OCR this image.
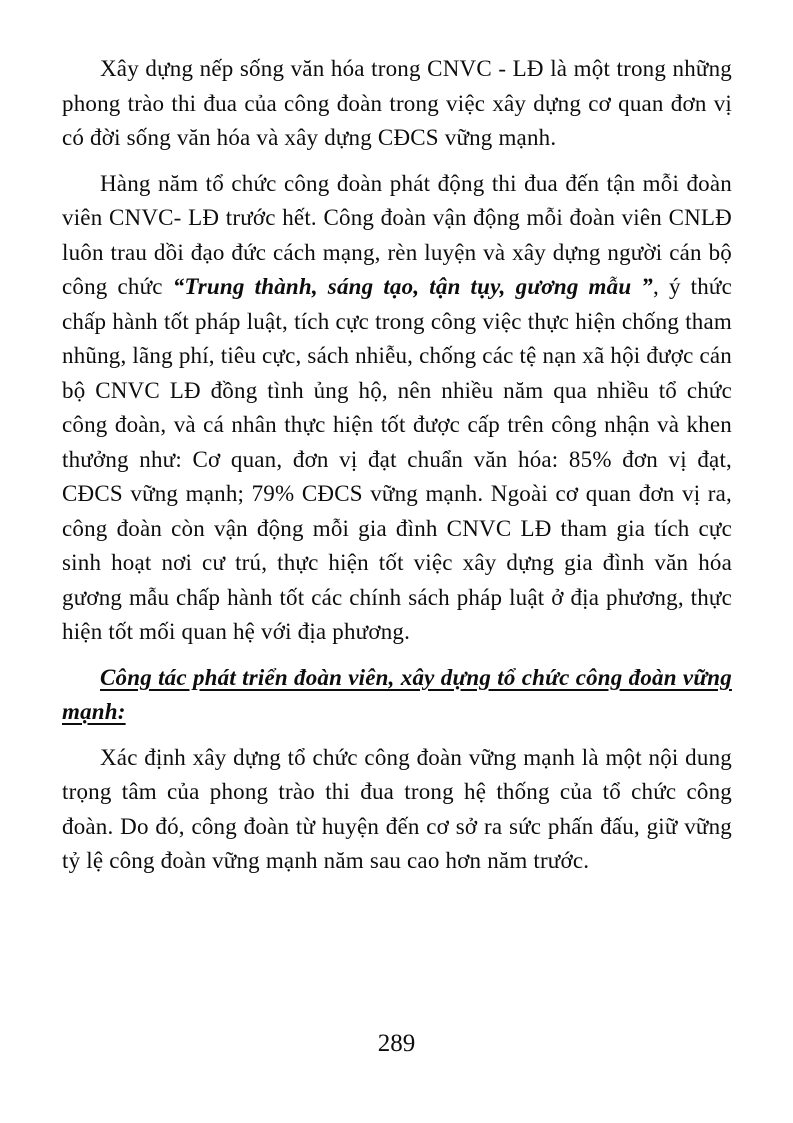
Xây dựng nếp sống văn hóa trong CNVC - LĐ là một trong những phong trào thi đua của công đoàn trong việc xây dựng cơ quan đơn vị có đời sống văn hóa và xây dựng CĐCS vững mạnh.

Hàng năm tổ chức công đoàn phát động thi đua đến tận mỗi đoàn viên CNVC- LĐ trước hết. Công đoàn vận động mỗi đoàn viên CNLĐ luôn trau dồi đạo đức cách mạng, rèn luyện và xây dựng người cán bộ công chức “Trung thành, sáng tạo, tận tụy, gương mẫu ”, ý thức chấp hành tốt pháp luật, tích cực trong công việc thực hiện chống tham nhũng, lãng phí, tiêu cực, sách nhiễu, chống các tệ nạn xã hội được cán bộ CNVC LĐ đồng tình ủng hộ, nên nhiều năm qua nhiều tổ chức công đoàn, và cá nhân thực hiện tốt được cấp trên công nhận và khen thưởng như: Cơ quan, đơn vị đạt chuẩn văn hóa: 85% đơn vị đạt, CĐCS vững mạnh; 79% CĐCS vững mạnh. Ngoài cơ quan đơn vị ra, công đoàn còn vận động mỗi gia đình CNVC LĐ tham gia tích cực sinh hoạt nơi cư trú, thực hiện tốt việc xây dựng gia đình văn hóa gương mẫu chấp hành tốt các chính sách pháp luật ở địa phương, thực hiện tốt mối quan hệ với địa phương.

Công tác phát triển đoàn viên, xây dựng tổ chức công đoàn vững mạnh:

Xác định xây dựng tổ chức công đoàn vững mạnh là một nội dung trọng tâm của phong trào thi đua trong hệ thống của tổ chức công đoàn. Do đó, công đoàn từ huyện đến cơ sở ra sức phấn đấu, giữ vững tỷ lệ công đoàn vững mạnh năm sau cao hơn năm trước.

289
